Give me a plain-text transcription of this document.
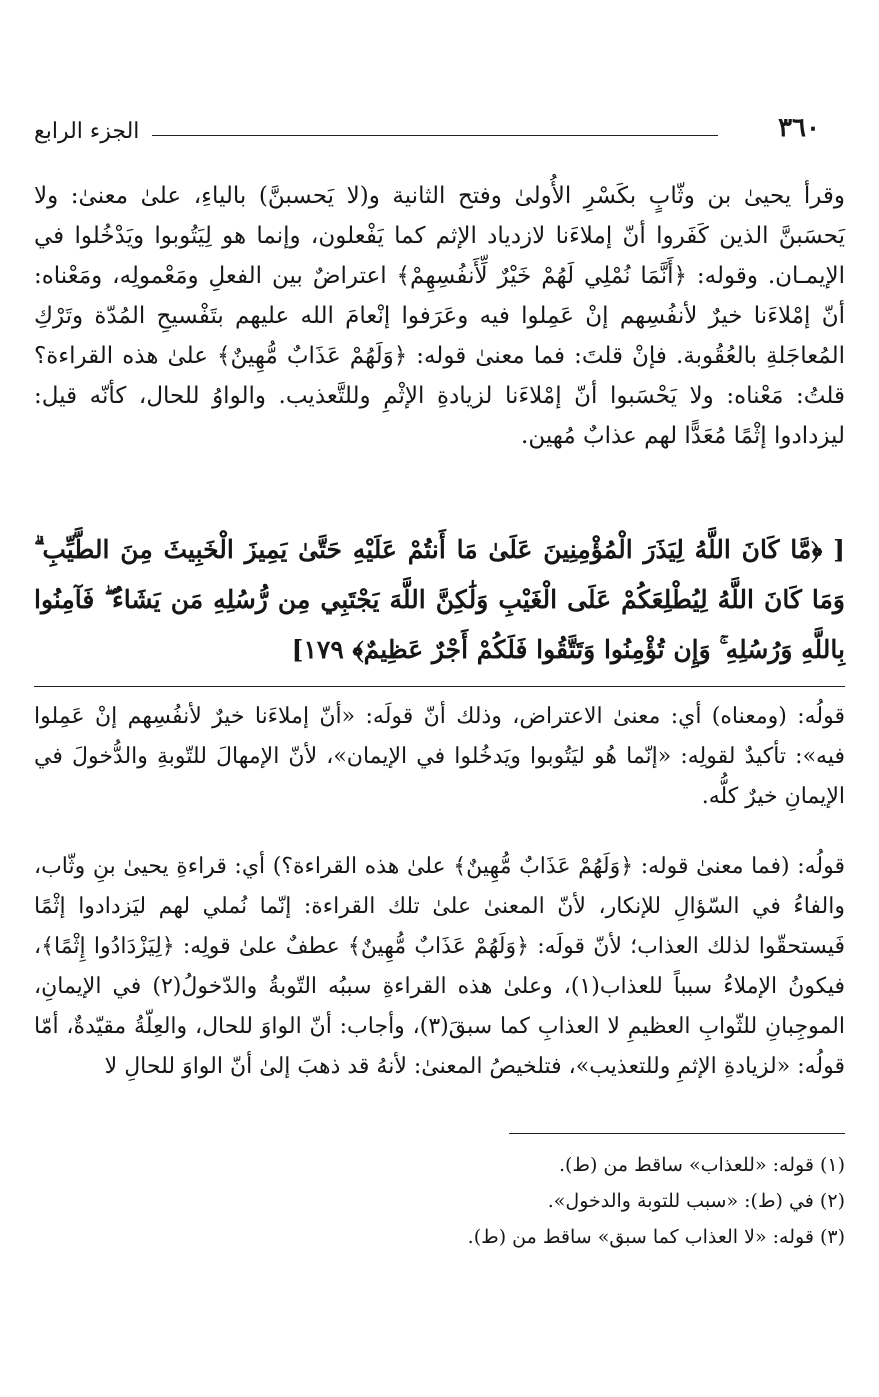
٣٦٠
الجزء الرابع

وقرأ يحيىٰ بن وثّابٍ بكَسْرِ الأُولىٰ وفتح الثانية و(لا يَحسبنَّ) بالياءِ، علىٰ معنىٰ: ولا يَحسَبنَّ الذين كَفَروا أنّ إملاءَنا لازدياد الإثم كما يَفْعلون، وإنما هو لِيَتُوبوا ويَدْخُلوا في الإيمـان. وقوله: ﴿أَنَّمَا نُمْلِي لَهُمْ خَيْرٌ لِّأَنفُسِهِمْ﴾ اعتراضٌ بين الفعلِ ومَعْمولِه، ومَعْناه: أنّ إمْلاءَنا خيرٌ لأنفُسِهم إنْ عَمِلوا فيه وعَرَفوا إنْعامَ الله عليهم بتَفْسيحِ المُدّة وتَرْكِ المُعاجَلةِ بالعُقُوبة. فإنْ قلتَ: فما معنىٰ قوله: ﴿وَلَهُمْ عَذَابٌ مُّهِينٌ﴾ علىٰ هذه القراءة؟ قلتُ: مَعْناه: ولا يَحْسَبوا أنّ إمْلاءَنا لزيادةِ الإثْمِ وللتَّعذيب. والواوُ للحال، كأنّه قيل: ليزدادوا إثْمًا مُعَدًّا لهم عذابٌ مُهين.

[ ﴿مَّا كَانَ اللَّهُ لِيَذَرَ الْمُؤْمِنِينَ عَلَىٰ مَا أَنتُمْ عَلَيْهِ حَتَّىٰ يَمِيزَ الْخَبِيثَ مِنَ الطَّيِّبِ ۗ وَمَا كَانَ اللَّهُ لِيُطْلِعَكُمْ عَلَى الْغَيْبِ وَلَٰكِنَّ اللَّهَ يَجْتَبِي مِن رُّسُلِهِ مَن يَشَاءُ ۖ فَآمِنُوا بِاللَّهِ وَرُسُلِهِ ۚ وَإِن تُؤْمِنُوا وَتَتَّقُوا فَلَكُمْ أَجْرٌ عَظِيمٌ﴾ ١٧٩]

قولُه: (ومعناه) أي: معنىٰ الاعتراض، وذلك أنّ قولَه: «أنّ إملاءَنا خيرٌ لأنفُسِهم إنْ عَمِلوا فيه»: تأكيدٌ لقولِه: «إنّما هُو ليَتُوبوا ويَدخُلوا في الإيمان»، لأنّ الإمهالَ للتّوبةِ والدُّخولَ في الإيمانِ خيرٌ كلُّه.

قولُه: (فما معنىٰ قوله: ﴿وَلَهُمْ عَذَابٌ مُّهِينٌ﴾ علىٰ هذه القراءة؟) أي: قراءةِ يحيىٰ بنِ وثّاب، والفاءُ في السّؤالِ للإنكار، لأنّ المعنىٰ علىٰ تلك القراءة: إنّما نُملي لهم ليَزدادوا إثْمًا فَيستحقّوا لذلك العذاب؛ لأنّ قولَه: ﴿وَلَهُمْ عَذَابٌ مُّهِينٌ﴾ عطفٌ علىٰ قولِه: ﴿لِيَزْدَادُوا إِثْمًا﴾، فيكونُ الإملاءُ سبباً للعذاب(١)، وعلىٰ هذه القراءةِ سببُه التّوبةُ والدّخولُ(٢) في الإيمانِ، الموجِبانِ للثّوابِ العظيمِ لا العذابِ كما سبقَ(٣)، وأجاب: أنّ الواوَ للحال، والعِلّةُ مقيّدةٌ، أمّا قولُه: «لزيادةِ الإثمِ وللتعذيب»، فتلخيصُ المعنىٰ: لأنهُ قد ذهبَ إلىٰ أنّ الواوَ للحالِ لا

(١) قوله: «للعذاب» ساقط من (ط).
(٢) في (ط): «سبب للتوبة والدخول».
(٣) قوله: «لا العذاب كما سبق» ساقط من (ط).
